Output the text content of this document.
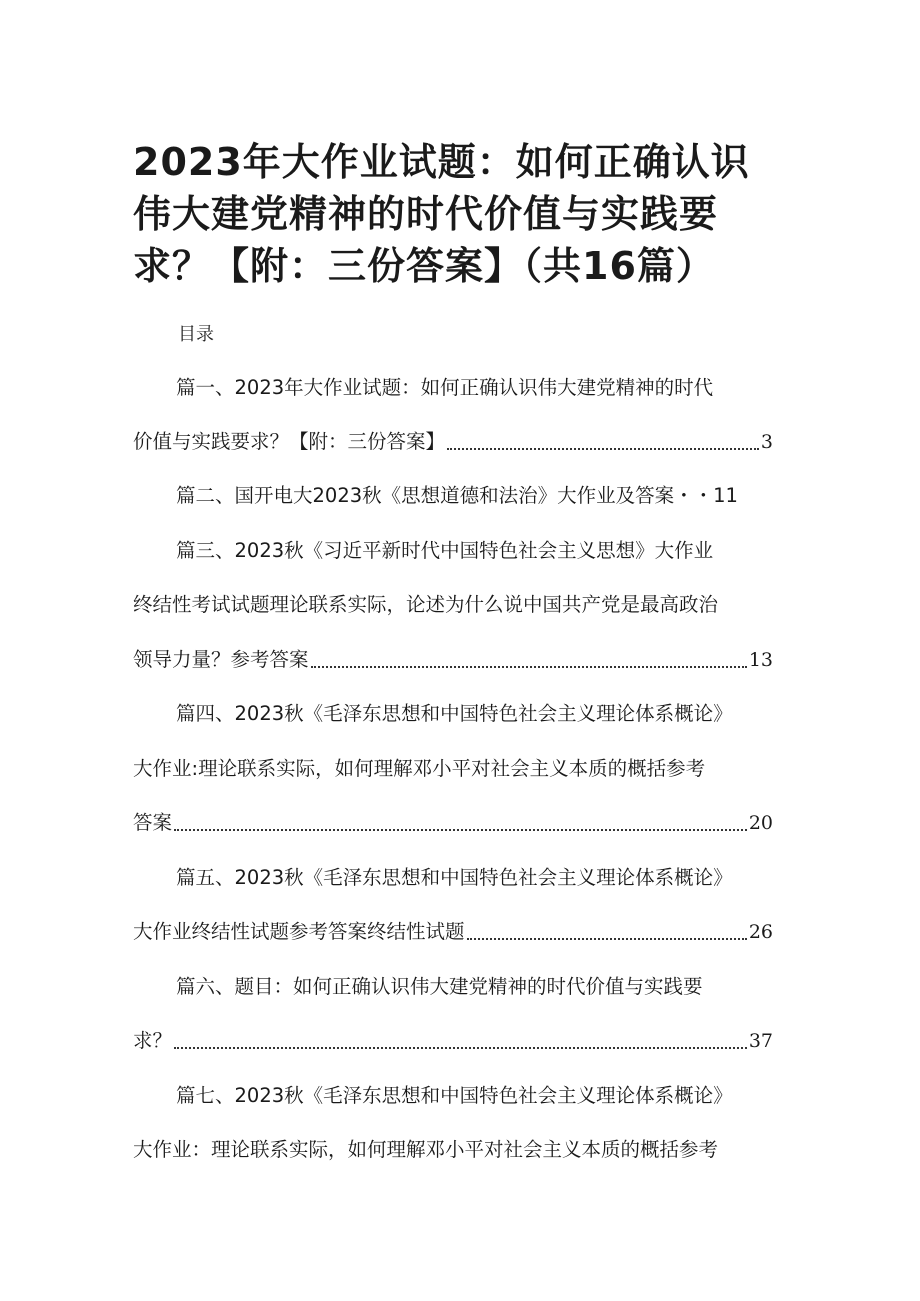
2023年大作业试题：如何正确认识伟大建党精神的时代价值与实践要求？【附：三份答案】（共16篇）

目录

篇一、2023年大作业试题：如何正确认识伟大建党精神的时代
价值与实践要求？【附：三份答案】	3
篇二、国开电大2023秋《思想道德和法治》大作业及答案・・11
篇三、2023秋《习近平新时代中国特色社会主义思想》大作业
终结性考试试题理论联系实际，论述为什么说中国共产党是最高政治
领导力量？参考答案	13
篇四、2023秋《毛泽东思想和中国特色社会主义理论体系概论》
大作业:理论联系实际，如何理解邓小平对社会主义本质的概括参考
答案	20
篇五、2023秋《毛泽东思想和中国特色社会主义理论体系概论》
大作业终结性试题参考答案终结性试题	26
篇六、题目：如何正确认识伟大建党精神的时代价值与实践要
求？	37
篇七、2023秋《毛泽东思想和中国特色社会主义理论体系概论》
大作业：理论联系实际，如何理解邓小平对社会主义本质的概括参考
